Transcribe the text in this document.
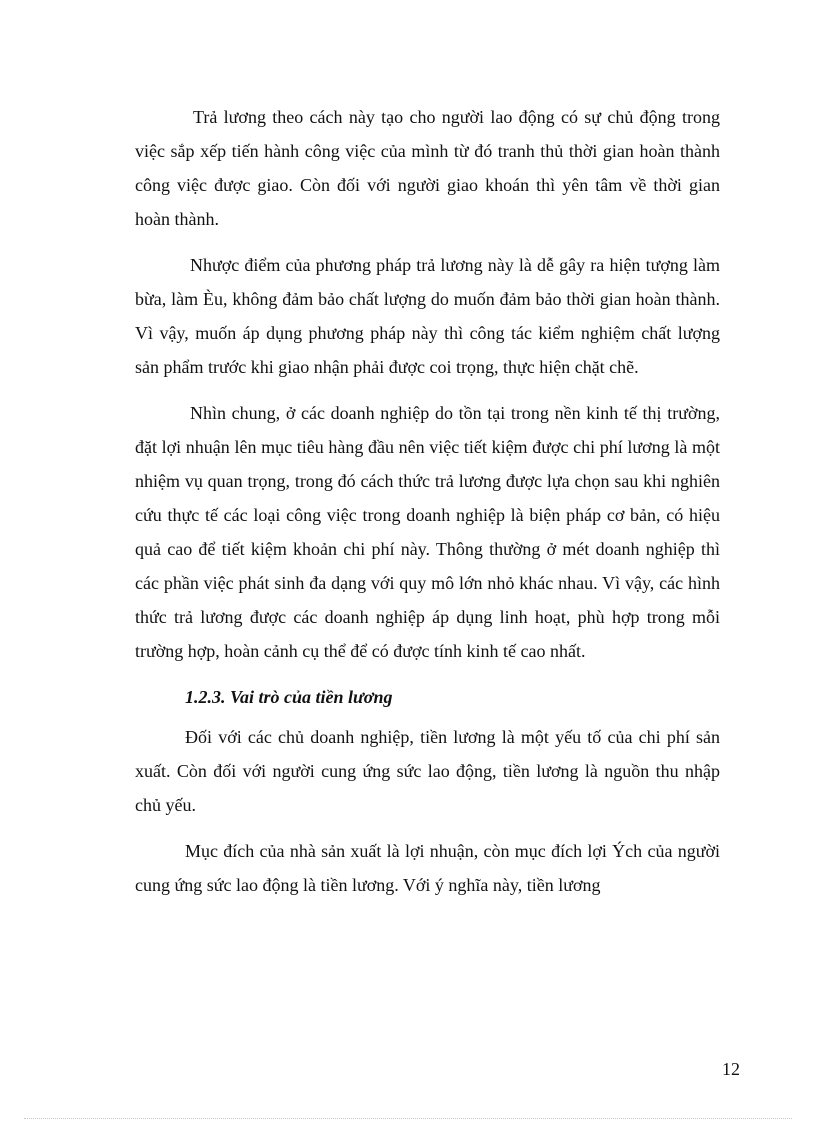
Trả lương theo cách này tạo cho người lao động có sự chủ động trong việc sắp xếp tiến hành công việc của mình từ đó tranh thủ thời gian hoàn thành công việc được giao. Còn đối với người giao khoán thì yên tâm về thời gian hoàn thành.

Nhược điểm của phương pháp trả lương này là dễ gây ra hiện tượng làm bừa, làm Èu, không đảm bảo chất lượng do muốn đảm bảo thời gian hoàn thành. Vì vậy, muốn áp dụng phương pháp này thì công tác kiểm nghiệm chất lượng sản phẩm trước khi giao nhận phải được coi trọng, thực hiện chặt chẽ.

Nhìn chung, ở các doanh nghiệp do tồn tại trong nền kinh tế thị trường, đặt lợi nhuận lên mục tiêu hàng đầu nên việc tiết kiệm được chi phí lương là một nhiệm vụ quan trọng, trong đó cách thức trả lương được lựa chọn sau khi nghiên cứu thực tế các loại công việc trong doanh nghiệp là biện pháp cơ bản, có hiệu quả cao để tiết kiệm khoản chi phí này. Thông thường ở mét doanh nghiệp thì các phần việc phát sinh đa dạng với quy mô lớn nhỏ khác nhau. Vì vậy, các hình thức trả lương được các doanh nghiệp áp dụng linh hoạt, phù hợp trong mỗi trường hợp, hoàn cảnh cụ thể để có được tính kinh tế cao nhất.

1.2.3. Vai trò của tiền lương

Đối với các chủ doanh nghiệp, tiền lương là một yếu tố của chi phí sản xuất. Còn đối với người cung ứng sức lao động, tiền lương là nguồn thu nhập chủ yếu.

Mục đích của nhà sản xuất là lợi nhuận, còn mục đích lợi Ých của người cung ứng sức lao động là tiền lương. Với ý nghĩa này, tiền lương

12
